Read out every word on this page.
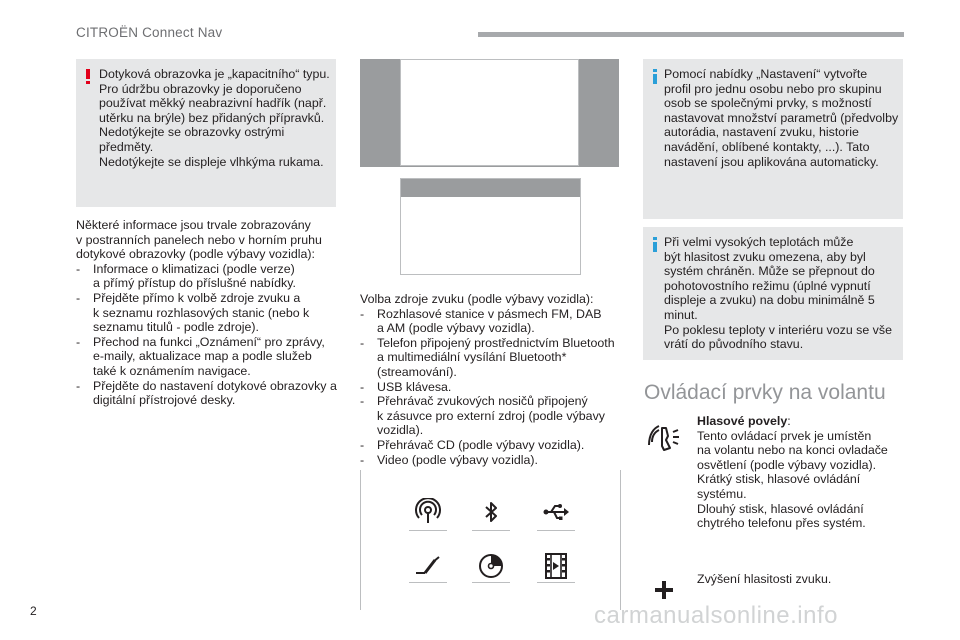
CITROËN Connect Nav
Dotyková obrazovka je „kapacitního“ typu.
Pro údržbu obrazovky je doporučeno
používat měkký neabrazivní hadřík (např.
utěrku na brýle) bez přidaných přípravků.
Nedotýkejte se obrazovky ostrými
předměty.
Nedotýkejte se displeje vlhkýma rukama.
Některé informace jsou trvale zobrazovány
v postranních panelech nebo v horním pruhu
dotykové obrazovky (podle výbavy vozidla):
- Informace o klimatizaci (podle verze)
a přímý přístup do příslušné nabídky.
- Přejděte přímo k volbě zdroje zvuku a
k seznamu rozhlasových stanic (nebo k
seznamu titulů - podle zdroje).
- Přechod na funkci „Oznámení“ pro zprávy,
e-maily, aktualizace map a podle služeb
také k oznámením navigace.
- Přejděte do nastavení dotykové obrazovky a
digitální přístrojové desky.
Volba zdroje zvuku (podle výbavy vozidla):
- Rozhlasové stanice v pásmech FM, DAB
a AM (podle výbavy vozidla).
- Telefon připojený prostřednictvím Bluetooth
a multimediální vysílání Bluetooth*
(streamování).
- USB klávesa.
- Přehrávač zvukových nosičů připojený
k zásuvce pro externí zdroj (podle výbavy
vozidla).
- Přehrávač CD (podle výbavy vozidla).
- Video (podle výbavy vozidla).
Pomocí nabídky „Nastavení“ vytvořte
profil pro jednu osobu nebo pro skupinu
osob se společnými prvky, s možností
nastavovat množství parametrů (předvolby
autorádia, nastavení zvuku, historie
navádění, oblíbené kontakty, ...). Tato
nastavení jsou aplikována automaticky.
Při velmi vysokých teplotách může
být hlasitost zvuku omezena, aby byl
systém chráněn. Může se přepnout do
pohotovostního režimu (úplné vypnutí
displeje a zvuku) na dobu minimálně 5
minut.
Po poklesu teploty v interiéru vozu se vše
vrátí do původního stavu.
Ovládací prvky na volantu
Hlasové povely:
Tento ovládací prvek je umístěn
na volantu nebo na konci ovladače
osvětlení (podle výbavy vozidla).
Krátký stisk, hlasové ovládání
systému.
Dlouhý stisk, hlasové ovládání
chytrého telefonu přes systém.
Zvýšení hlasitosti zvuku.
2	carmanualsonline.info
